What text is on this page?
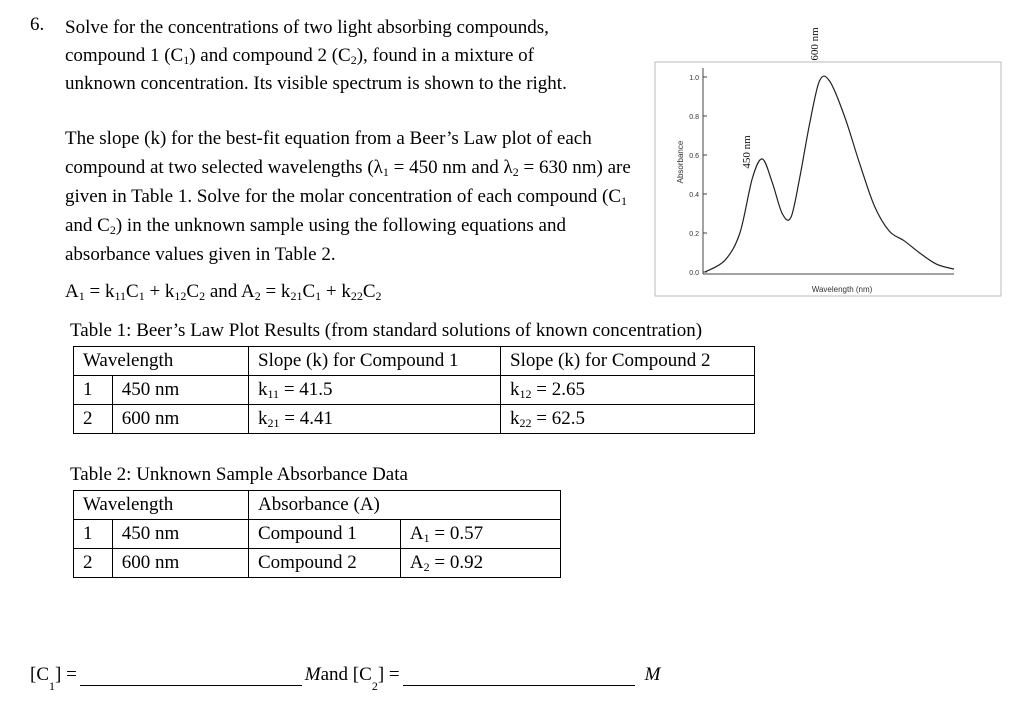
6. Solve for the concentrations of two light absorbing compounds,
compound 1 $(C_1)$ and compound 2 $(C_2)$, found in a mixture of
unknown concentration. Its visible spectrum is shown to the right.
The slope (k) for the best-fit equation from a Beer’s Law plot of each compound at two selected wavelengths ($\lambda_1 = 450$ nm and $\lambda_2 = 630$ nm) are given in Table 1. Solve for the molar concentration of each compound ($C_1$ and $C_2$) in the unknown sample using the following equations and absorbance values given in Table 2.
$A_1 = k_{11}C_1 + k_{12}C_2$ and $A_2 = k_{21}C_1 + k_{22}C_2$
Table 1: Beer’s Law Plot Results (from standard solutions of known concentration)
Wavelength		Slope (k) for Compound 1	Slope (k) for Compound 2
1	450 nm	$k_{11} = 41.5$	$k_{12} = 2.65$
2	600 nm	$k_{21} = 4.41$	$k_{22} = 62.5$
Table 2: Unknown Sample Absorbance Data
Wavelength		Absorbance (A)	
1	450 nm	Compound 1	$A_1 = 0.57$
2	600 nm	Compound 2	$A_2 = 0.92$
[C
1
] =	M and [C
2
] =	M
Absorbance
Wavelength (nm)
0.0
0.2
0.4
0.6
0.8
1.0
450 nm
600 nm
